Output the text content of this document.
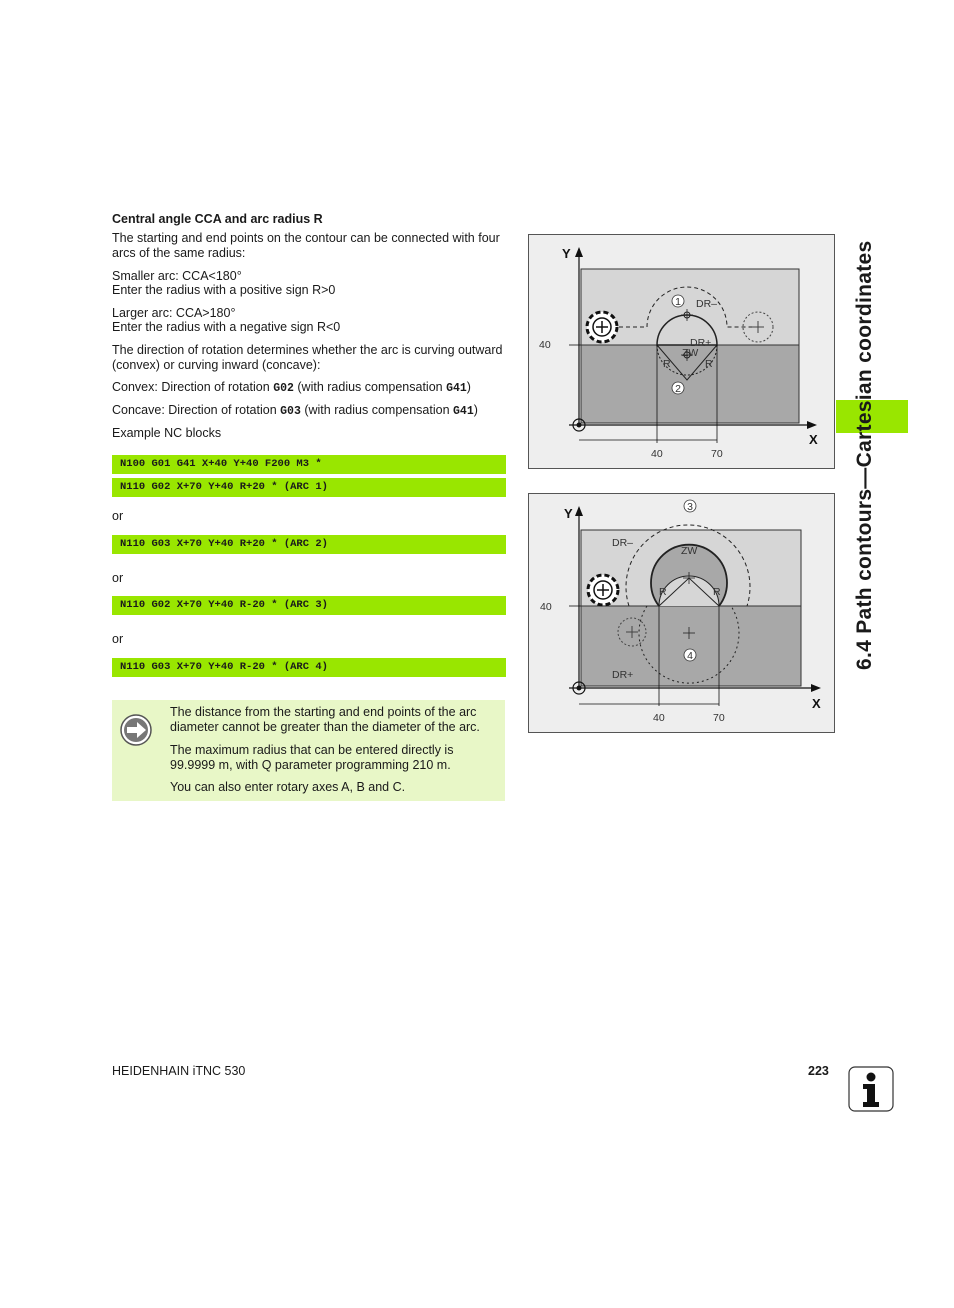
Central angle CCA and arc radius R
The starting and end points on the contour can be connected with four arcs of the same radius:
Smaller arc: CCA<180°
Enter the radius with a positive sign R>0
Larger arc: CCA>180°
Enter the radius with a negative sign R<0
The direction of rotation determines whether the arc is curving outward (convex) or curving inward (concave):
Convex: Direction of rotation G02 (with radius compensation G41)
Concave: Direction of rotation G03 (with radius compensation G41)
Example NC blocks
N100 G01 G41 X+40 Y+40 F200 M3 *
N110 G02 X+70 Y+40 R+20 * (ARC 1)
or
N110 G03 X+70 Y+40 R+20 * (ARC 2)
or
N110 G02 X+70 Y+40 R-20 * (ARC 3)
or
N110 G03 X+70 Y+40 R-20 * (ARC 4)
The distance from the starting and end points of the arc diameter cannot be greater than the diameter of the arc.
The maximum radius that can be entered directly is 99.9999 m, with Q parameter programming 210 m.
You can also enter rotary axes A, B and C.
1
2
DR–
DR+
ZW
R	R
Y
X
40
40	70
3
4
DR–
DR+
ZW
R	R
Y
X
40
40	70
6.4 Path contours—Cartesian coordinates
HEIDENHAIN iTNC 530	223
